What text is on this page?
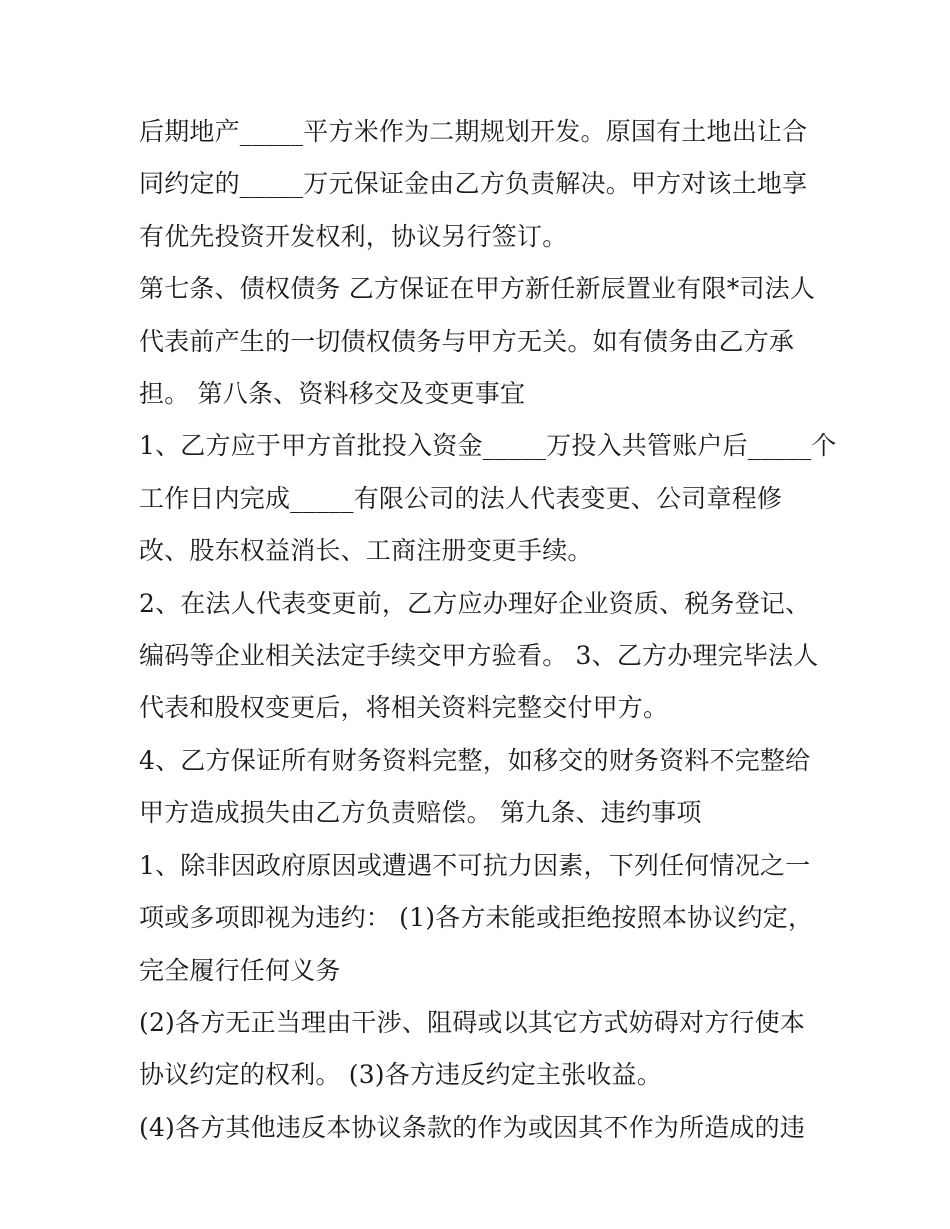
后期地产_____平方米作为二期规划开发。原国有土地出让合
同约定的_____万元保证金由乙方负责解决。甲方对该土地享
有优先投资开发权利，协议另行签订。
第七条、债权债务 乙方保证在甲方新任新辰置业有限*司法人
代表前产生的一切债权债务与甲方无关。如有债务由乙方承
担。 第八条、资料移交及变更事宜
1、乙方应于甲方首批投入资金_____万投入共管账户后_____个
工作日内完成_____有限公司的法人代表变更、公司章程修
改、股东权益消长、工商注册变更手续。
2、在法人代表变更前，乙方应办理好企业资质、税务登记、
编码等企业相关法定手续交甲方验看。 3、乙方办理完毕法人
代表和股权变更后，将相关资料完整交付甲方。
4、乙方保证所有财务资料完整，如移交的财务资料不完整给
甲方造成损失由乙方负责赔偿。 第九条、违约事项
1、除非因政府原因或遭遇不可抗力因素，下列任何情况之一
项或多项即视为违约： (1)各方未能或拒绝按照本协议约定，
完全履行任何义务
(2)各方无正当理由干涉、阻碍或以其它方式妨碍对方行使本
协议约定的权利。 (3)各方违反约定主张收益。
(4)各方其他违反本协议条款的作为或因其不作为所造成的违
